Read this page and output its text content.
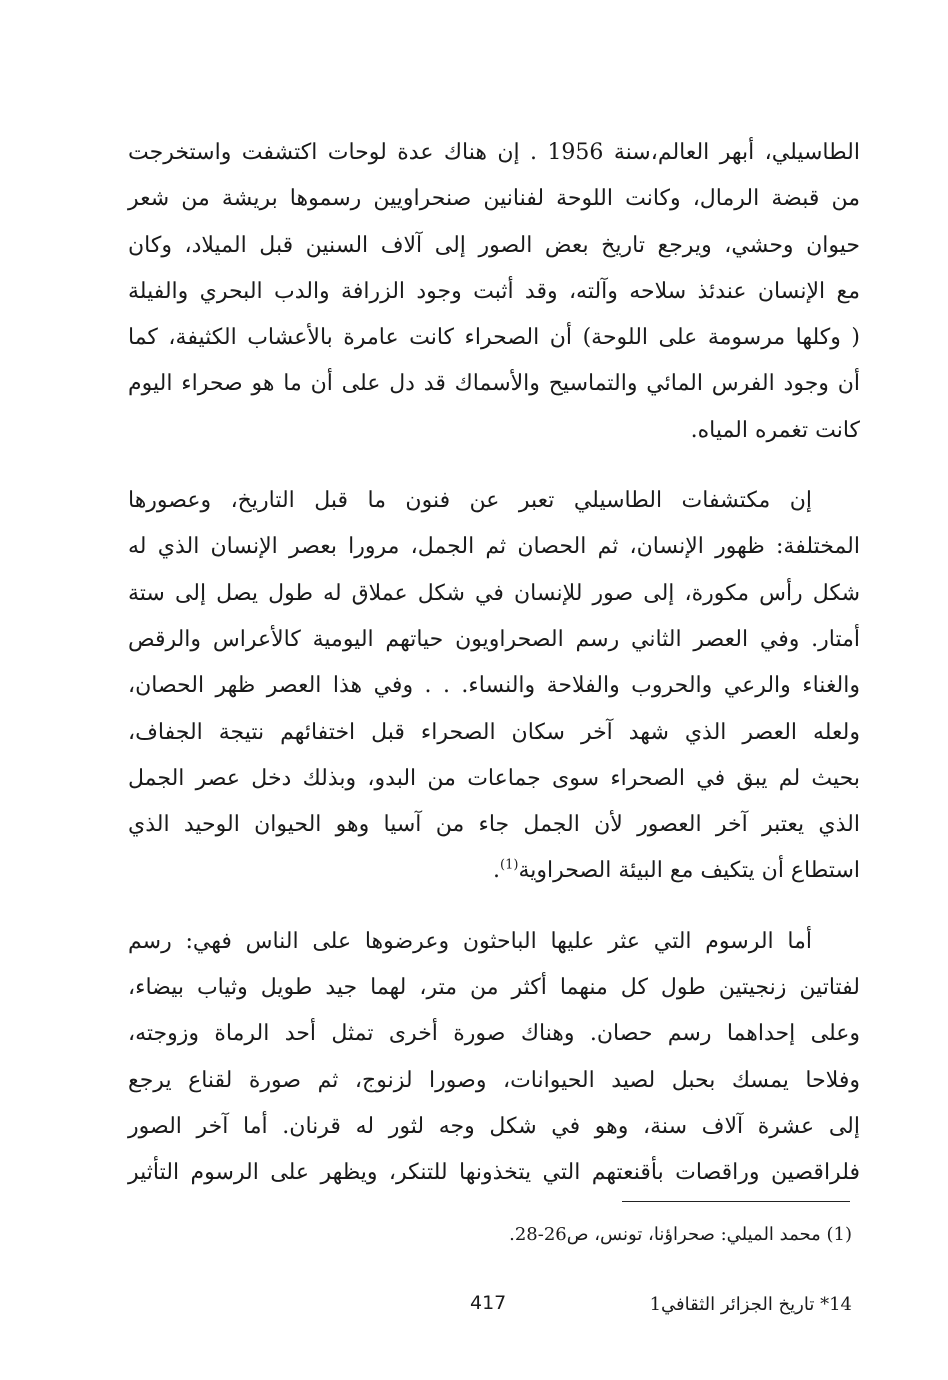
الطاسيلي، أبهر العالم،سنة 1956 . إن هناك عدة لوحات اكتشفت واستخرجت
من قبضة الرمال، وكانت اللوحة لفنانين صنحراويين رسموها بريشة من شعر
حيوان وحشي، ويرجع تاريخ بعض الصور إلى آلاف السنين قبل الميلاد، وكان
مع الإنسان عندئذ سلاحه وآلته، وقد أثبت وجود الزرافة والدب البحري والفيلة
( وكلها مرسومة على اللوحة) أن الصحراء كانت عامرة بالأعشاب الكثيفة، كما
أن وجود الفرس المائي والتماسيح والأسماك قد دل على أن ما هو صحراء اليوم
كانت تغمره المياه.
إن مكتشفات الطاسيلي تعبر عن فنون ما قبل التاريخ، وعصورها
المختلفة: ظهور الإنسان، ثم الحصان ثم الجمل، مرورا بعصر الإنسان الذي له
شكل رأس مكورة، إلى صور للإنسان في شكل عملاق له طول يصل إلى ستة
أمتار. وفي العصر الثاني رسم الصحراويون حياتهم اليومية كالأعراس والرقص
والغناء والرعي والحروب والفلاحة والنساء. . . وفي هذا العصر ظهر الحصان،
ولعله العصر الذي شهد آخر سكان الصحراء قبل اختفائهم نتيجة الجفاف،
بحيث لم يبق في الصحراء سوى جماعات من البدو، وبذلك دخل عصر الجمل
الذي يعتبر آخر العصور لأن الجمل جاء من آسيا وهو الحيوان الوحيد الذي
استطاع أن يتكيف مع البيئة الصحراوية$^{(1)}$.
أما الرسوم التي عثر عليها الباحثون وعرضوها على الناس فهي: رسم
لفتاتين زنجيتين طول كل منهما أكثر من متر، لهما جيد طويل وثياب بيضاء،
وعلى إحداهما رسم حصان. وهناك صورة أخرى تمثل أحد الرماة وزوجته،
وفلاحا يمسك بحبل لصيد الحيوانات، وصورا لزنوج، ثم صورة لقناع يرجع
إلى عشرة آلاف سنة، وهو في شكل وجه لثور له قرنان. أما آخر الصور
فلراقصين وراقصات بأقنعتهم التي يتخذونها للتنكر، ويظهر على الرسوم التأثير
(1) محمد الميلي: صحراؤنا، تونس، ص26-28.
417	14* تاريخ الجزائر الثقافي1
